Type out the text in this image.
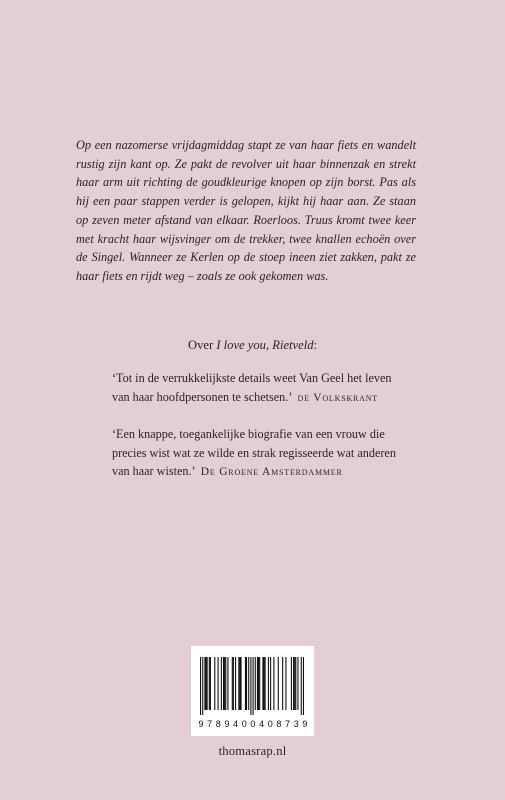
Op een nazomerse vrijdagmiddag stapt ze van haar fiets en wandelt rustig zijn kant op. Ze pakt de revolver uit haar binnenzak en strekt haar arm uit richting de goudkleurige knopen op zijn borst. Pas als hij een paar stappen verder is gelopen, kijkt hij haar aan. Ze staan op zeven meter afstand van elkaar. Roerloos. Truus kromt twee keer met kracht haar wijsvinger om de trekker, twee knallen echoën over de Singel. Wanneer ze Kerlen op de stoep ineen ziet zakken, pakt ze haar fiets en rijdt weg – zoals ze ook gekomen was.

Over I love you, Rietveld:

‘Tot in de verrukkelijkste details weet Van Geel het leven van haar hoofdpersonen te schetsen.’ de Volkskrant

‘Een knappe, toegankelijke biografie van een vrouw die precies wist wat ze wilde en strak regisseerde wat anderen van haar wisten.’ De Groene Amsterdammer

9 7 8 9 4 0 0 4 0 8 7 3 9

thomasrap.nl
